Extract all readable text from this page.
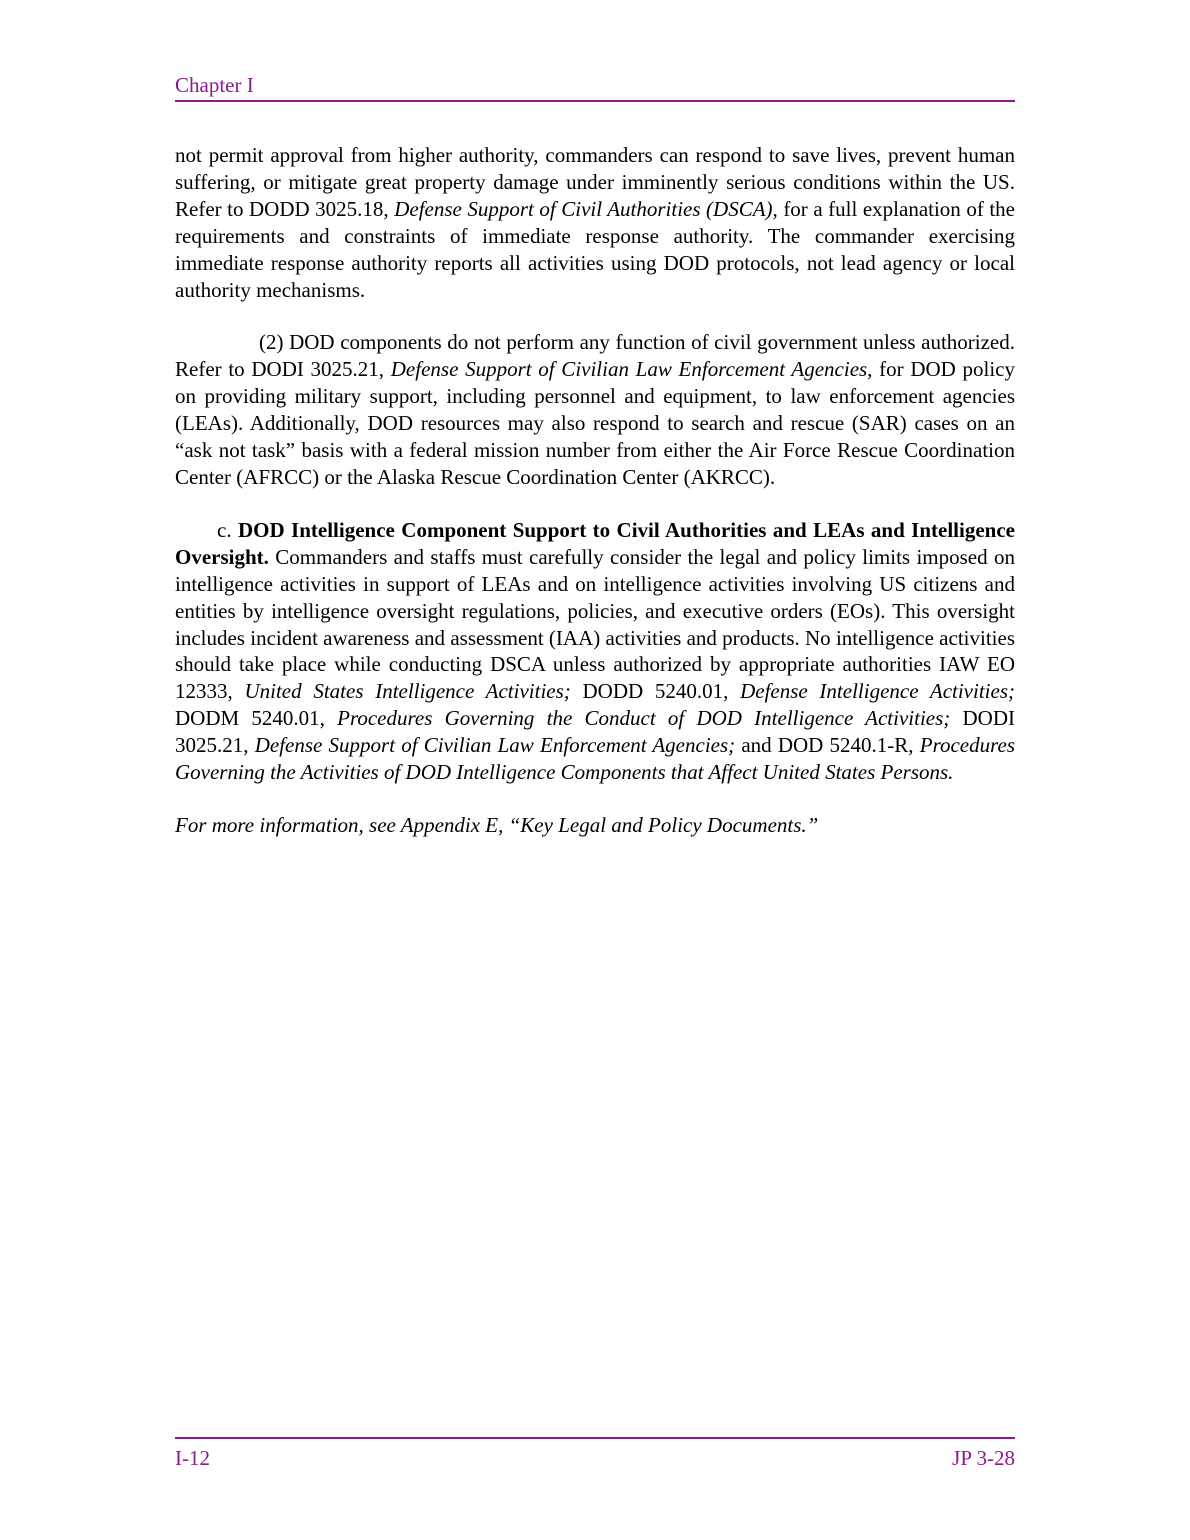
Chapter I

not permit approval from higher authority, commanders can respond to save lives, prevent human suffering, or mitigate great property damage under imminently serious conditions within the US. Refer to DODD 3025.18, Defense Support of Civil Authorities (DSCA), for a full explanation of the requirements and constraints of immediate response authority. The commander exercising immediate response authority reports all activities using DOD protocols, not lead agency or local authority mechanisms.

(2) DOD components do not perform any function of civil government unless authorized. Refer to DODI 3025.21, Defense Support of Civilian Law Enforcement Agencies, for DOD policy on providing military support, including personnel and equipment, to law enforcement agencies (LEAs). Additionally, DOD resources may also respond to search and rescue (SAR) cases on an “ask not task” basis with a federal mission number from either the Air Force Rescue Coordination Center (AFRCC) or the Alaska Rescue Coordination Center (AKRCC).

c. DOD Intelligence Component Support to Civil Authorities and LEAs and Intelligence Oversight. Commanders and staffs must carefully consider the legal and policy limits imposed on intelligence activities in support of LEAs and on intelligence activities involving US citizens and entities by intelligence oversight regulations, policies, and executive orders (EOs). This oversight includes incident awareness and assessment (IAA) activities and products. No intelligence activities should take place while conducting DSCA unless authorized by appropriate authorities IAW EO 12333, United States Intelligence Activities; DODD 5240.01, Defense Intelligence Activities; DODM 5240.01, Procedures Governing the Conduct of DOD Intelligence Activities; DODI 3025.21, Defense Support of Civilian Law Enforcement Agencies; and DOD 5240.1-R, Procedures Governing the Activities of DOD Intelligence Components that Affect United States Persons.

For more information, see Appendix E, “Key Legal and Policy Documents.”

I-12	JP 3-28
